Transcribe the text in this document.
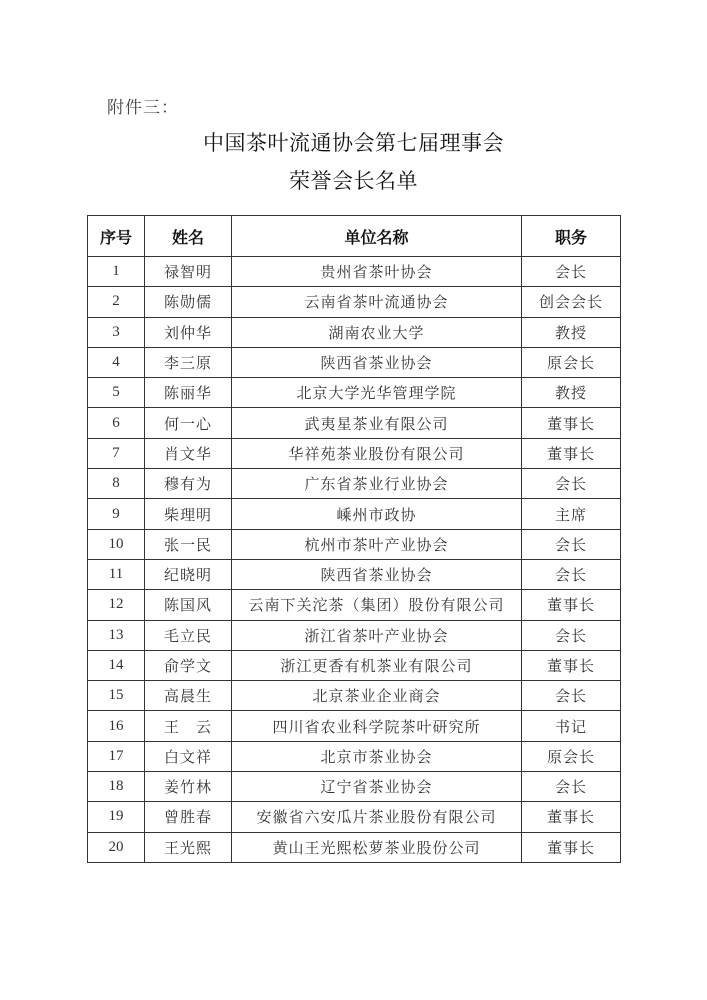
附件三：
中国茶叶流通协会第七届理事会
荣誉会长名单
序号	姓名	单位名称	职务
1	禄智明	贵州省茶叶协会	会长
2	陈勋儒	云南省茶叶流通协会	创会会长
3	刘仲华	湖南农业大学	教授
4	李三原	陕西省茶业协会	原会长
5	陈丽华	北京大学光华管理学院	教授
6	何一心	武夷星茶业有限公司	董事长
7	肖文华	华祥苑茶业股份有限公司	董事长
8	穆有为	广东省茶业行业协会	会长
9	柴理明	嵊州市政协	主席
10	张一民	杭州市茶叶产业协会	会长
11	纪晓明	陕西省茶业协会	会长
12	陈国风	云南下关沱茶（集团）股份有限公司	董事长
13	毛立民	浙江省茶叶产业协会	会长
14	俞学文	浙江更香有机茶业有限公司	董事长
15	高晨生	北京茶业企业商会	会长
16	王　云	四川省农业科学院茶叶研究所	书记
17	白文祥	北京市茶业协会	原会长
18	姜竹林	辽宁省茶业协会	会长
19	曾胜春	安徽省六安瓜片茶业股份有限公司	董事长
20	王光熙	黄山王光熙松萝茶业股份公司	董事长
